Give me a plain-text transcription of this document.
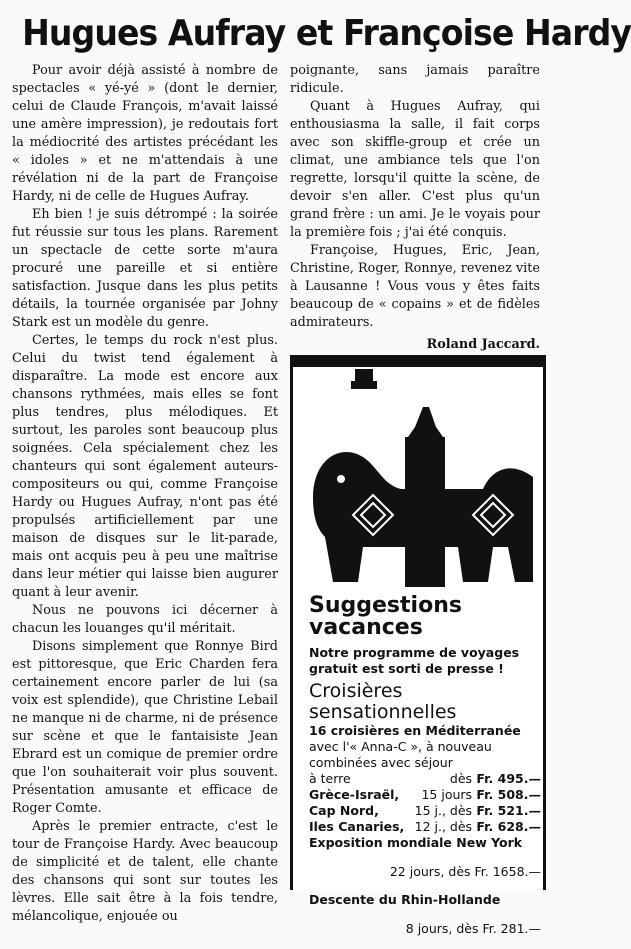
Hugues Aufray et Françoise Hardy

Pour avoir déjà assisté à nombre de spectacles « yé-yé » (dont le dernier, celui de Claude François, m'avait laissé une amère impression), je redoutais fort la médiocrité des artistes précédant les « idoles » et ne m'attendais à une révélation ni de la part de Françoise Hardy, ni de celle de Hugues Aufray.

Eh bien ! je suis détrompé : la soirée fut réussie sur tous les plans. Rarement un spectacle de cette sorte m'aura procuré une pareille et si entière satisfaction. Jusque dans les plus petits détails, la tournée organisée par Johny Stark est un modèle du genre.

Certes, le temps du rock n'est plus. Celui du twist tend également à disparaître. La mode est encore aux chansons rythmées, mais elles se font plus tendres, plus mélodiques. Et surtout, les paroles sont beaucoup plus soignées. Cela spécialement chez les chanteurs qui sont également auteurs-compositeurs ou qui, comme Françoise Hardy ou Hugues Aufray, n'ont pas été propulsés artificiellement par une maison de disques sur le lit-parade, mais ont acquis peu à peu une maîtrise dans leur métier qui laisse bien augurer quant à leur avenir.

Nous ne pouvons ici décerner à chacun les louanges qu'il méritait.

Disons simplement que Ronnye Bird est pittoresque, que Eric Charden fera certainement encore parler de lui (sa voix est splendide), que Christine Lebail ne manque ni de charme, ni de présence sur scène et que le fantaisiste Jean Ebrard est un comique de premier ordre que l'on souhaiterait voir plus souvent. Présentation amusante et efficace de Roger Comte.

Après le premier entracte, c'est le tour de Françoise Hardy. Avec beaucoup de simplicité et de talent, elle chante des chansons qui sont sur toutes les lèvres. Elle sait être à la fois tendre, mélancolique, enjouée ou

poignante, sans jamais paraître ridicule.

Quant à Hugues Aufray, qui enthousiasma la salle, il fait corps avec son skiffle-group et crée un climat, une ambiance tels que l'on regrette, lorsqu'il quitte la scène, de devoir s'en aller. C'est plus qu'un grand frère : un ami. Je le voyais pour la première fois ; j'ai été conquis.

Françoise, Hugues, Eric, Jean, Christine, Roger, Ronnye, revenez vite à Lausanne ! Vous vous y êtes faits beaucoup de « copains » et de fidèles admirateurs.

Roland Jaccard.

Suggestions vacances

Notre programme de voyages gratuit est sorti de presse !

Croisières sensationnelles

16 croisières en Méditerranée

avec l'« Anna-C », à nouveau

combinées avec séjour

à terre	dès Fr. 495.—
Grèce-Israël, 15 jours Fr. 508.—
Cap Nord,	15 j., dès Fr. 521.—
Iles Canaries, 12 j., dès Fr. 628.—

Exposition mondiale New York

22 jours, dès Fr. 1658.—

Descente du Rhin-Hollande

8 jours, dès Fr. 281.—
